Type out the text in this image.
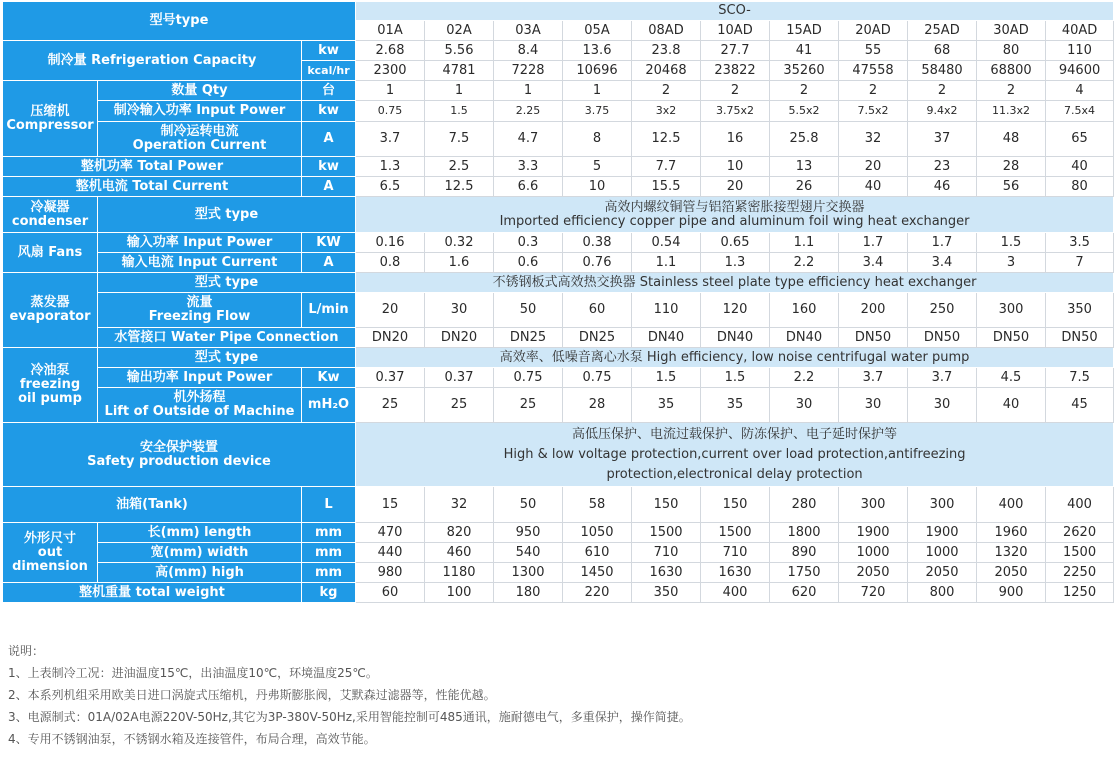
型号type			SCO-										
			01A	02A	03A	05A	08AD	10AD	15AD	20AD	25AD	30AD	40AD
制冷量 Refrigeration Capacity		kw	2.68	5.56	8.4	13.6	23.8	27.7	41	55	68	80	110
		kcal/hr	2300	4781	7228	10696	20468	23822	35260	47558	58480	68800	94600
压缩机
Compressor	数量 Qty	台	1	1	1	1	2	2	2	2	2	2	4
	制冷输入功率 Input Power	kw	0.75	1.5	2.25	3.75	3x2	3.75x2	5.5x2	7.5x2	9.4x2	11.3x2	7.5x4
	制冷运转电流
Operation Current	A	3.7	7.5	4.7	8	12.5	16	25.8	32	37	48	65
整机功率 Total Power		kw	1.3	2.5	3.3	5	7.7	10	13	20	23	28	40
整机电流 Total Current		A	6.5	12.5	6.6	10	15.5	20	26	40	46	56	80
冷凝器
condenser	型式 type		高效内螺纹铜管与铝箔紧密胀接型翅片交换器
Imported efficiency copper pipe and aluminum foil wing heat exchanger										
风扇 Fans	输入功率 Input Power	KW	0.16	0.32	0.3	0.38	0.54	0.65	1.1	1.7	1.7	1.5	3.5
	输入电流 Input Current	A	0.8	1.6	0.6	0.76	1.1	1.3	2.2	3.4	3.4	3	7
蒸发器
evaporator	型式 type		不锈钢板式高效热交换器 Stainless steel plate type efficiency heat exchanger										
	流量
Freezing Flow	L/min	20	30	50	60	110	120	160	200	250	300	350
	水管接口 Water Pipe Connection		DN20	DN20	DN25	DN25	DN40	DN40	DN40	DN50	DN50	DN50	DN50
冷油泵
freezing
oil pump	型式 type		高效率、低噪音离心水泵 High efficiency, low noise centrifugal water pump										
	输出功率 Input Power	Kw	0.37	0.37	0.75	0.75	1.5	1.5	2.2	3.7	3.7	4.5	7.5
	机外扬程
Lift of Outside of Machine	mH₂O	25	25	25	28	35	35	30	30	30	40	45
安全保护装置
Safety production device			高低压保护、电流过载保护、防冻保护、电子延时保护等
High & low voltage protection,current over load protection,antifreezing
protection,electronical delay protection										
油箱(Tank)		L	15	32	50	58	150	150	280	300	300	400	400
外形尺寸
out dimension	长(mm) length	mm	470	820	950	1050	1500	1500	1800	1900	1900	1960	2620
	宽(mm) width	mm	440	460	540	610	710	710	890	1000	1000	1320	1500
	高(mm) high	mm	980	1180	1300	1450	1630	1630	1750	2050	2050	2050	2250
整机重量 total weight		kg	60	100	180	220	350	400	620	720	800	900	1250
说明：
1、上表制冷工况：进油温度15℃，出油温度10℃，环境温度25℃。
2、本系列机组采用欧美日进口涡旋式压缩机，丹弗斯膨胀阀，艾默森过滤器等，性能优越。
3、电源制式：01A/02A电源220V-50Hz,其它为3P-380V-50Hz,采用智能控制可485通讯，施耐德电气，多重保护，操作简捷。
4、专用不锈钢油泵，不锈钢水箱及连接管件，布局合理，高效节能。
